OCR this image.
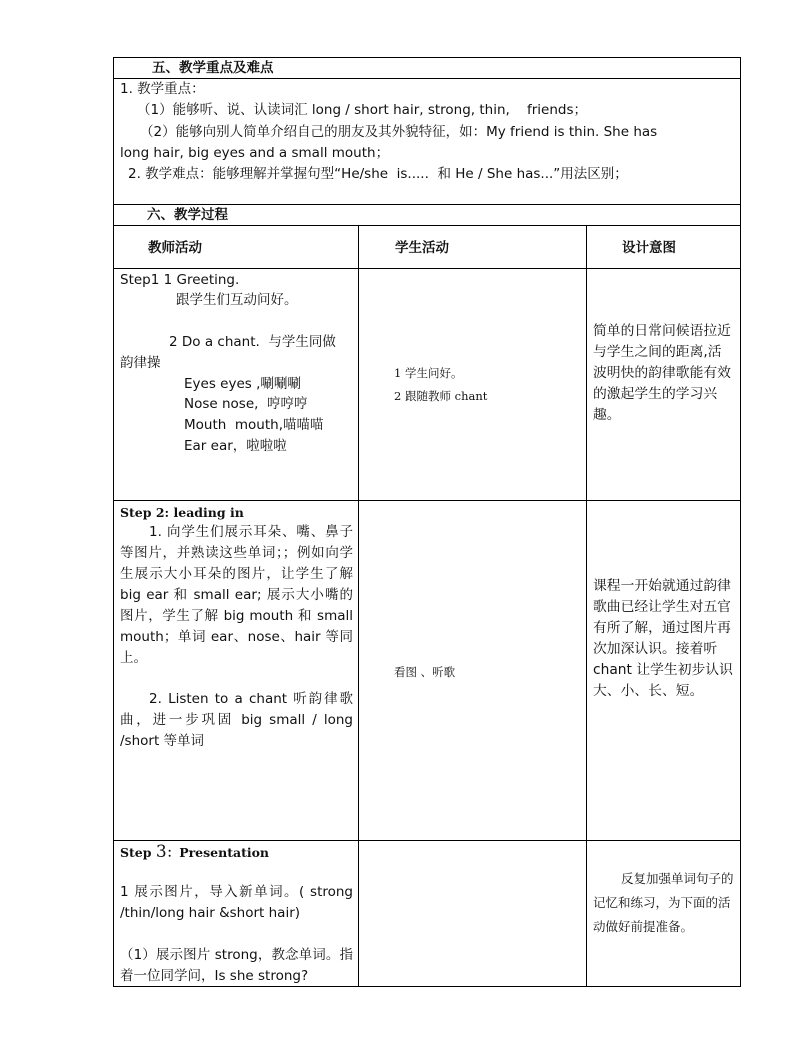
五、教学重点及难点
1. 教学重点：
（1）能够听、说、认读词汇 long / short hair, strong, thin,    friends；
（2）能够向别人简单介绍自己的朋友及其外貌特征，如：My friend is thin. She has
long hair, big eyes and a small mouth；
2. 教学难点：能够理解并掌握句型“He/she  is.....  和 He / She has...”用法区别；
六、教学过程
教师活动	学生活动	设计意图
Step1 1 Greeting.
跟学生们互动问好。
2 Do a chant.  与学生同做
韵律操
Eyes eyes ,唰唰唰
Nose nose,  哼哼哼
Mouth  mouth,喵喵喵
Ear ear，啦啦啦
1 学生问好。
2 跟随教师 chant
简单的日常问候语拉近与学生之间的距离,活波明快的韵律歌能有效 的激起学生的学习兴趣。
Step 2: leading in
1. 向学生们展示耳朵、嘴、鼻子等图片，并熟读这些单词；；例如向学生展示大小耳朵的图片，让学生了解 big ear 和 small ear; 展示大小嘴的图片，学生了解 big mouth 和 small mouth；单词 ear、nose、hair 等同上。
2. Listen to a chant 听韵律歌曲，进一步巩固 big small / long /short 等单词
看图 、听歌
课程一开始就通过韵律歌曲已经让学生对五官有所了解，通过图片再次加深认识。接着听 chant 让学生初步认识大、小、长、短。
Step 3：Presentation
1 展示图片，导入新单词。( strong /thin/long hair &short hair)
（1）展示图片 strong，教念单词。指着一位同学问，Is she strong?
反复加强单词句子的记忆和练习，为下面的活动做好前提准备。
